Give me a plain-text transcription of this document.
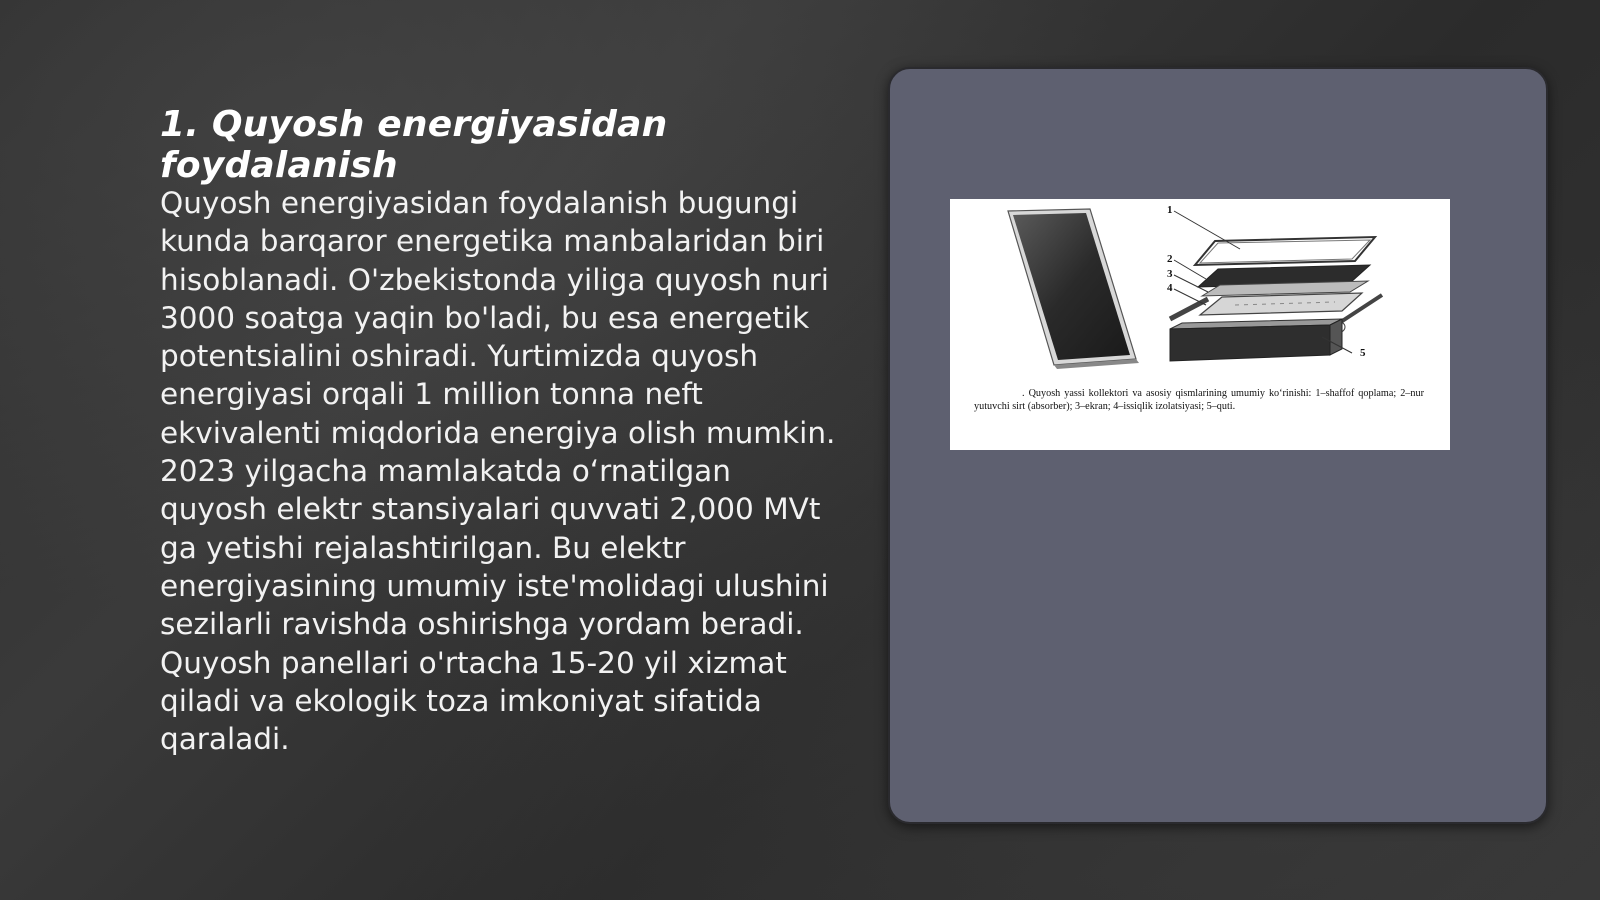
1. Quyosh energiyasidan foydalanish

Quyosh energiyasidan foydalanish bugungi kunda barqaror energetika manbalaridan biri hisoblanadi. O'zbekistonda yiliga quyosh nuri 3000 soatga yaqin bo'ladi, bu esa energetik potentsialini oshiradi. Yurtimizda quyosh energiyasi orqali 1 million tonna neft ekvivalenti miqdorida energiya olish mumkin. 2023 yilgacha mamlakatda o‘rnatilgan quyosh elektr stansiyalari quvvati 2,000 MVt ga yetishi rejalashtirilgan. Bu elektr energiyasining umumiy iste'molidagi ulushini sezilarli ravishda oshirishga yordam beradi. Quyosh panellari o'rtacha 15-20 yil xizmat qiladi va ekologik toza imkoniyat sifatida qaraladi.

1
2
3
4
5

. Quyosh yassi kollektori va asosiy qismlarining umumiy ko‘rinishi: 1–shaffof qoplama; 2–nur yutuvchi sirt (absorber); 3–ekran; 4–issiqlik izolatsiyasi; 5–quti.
